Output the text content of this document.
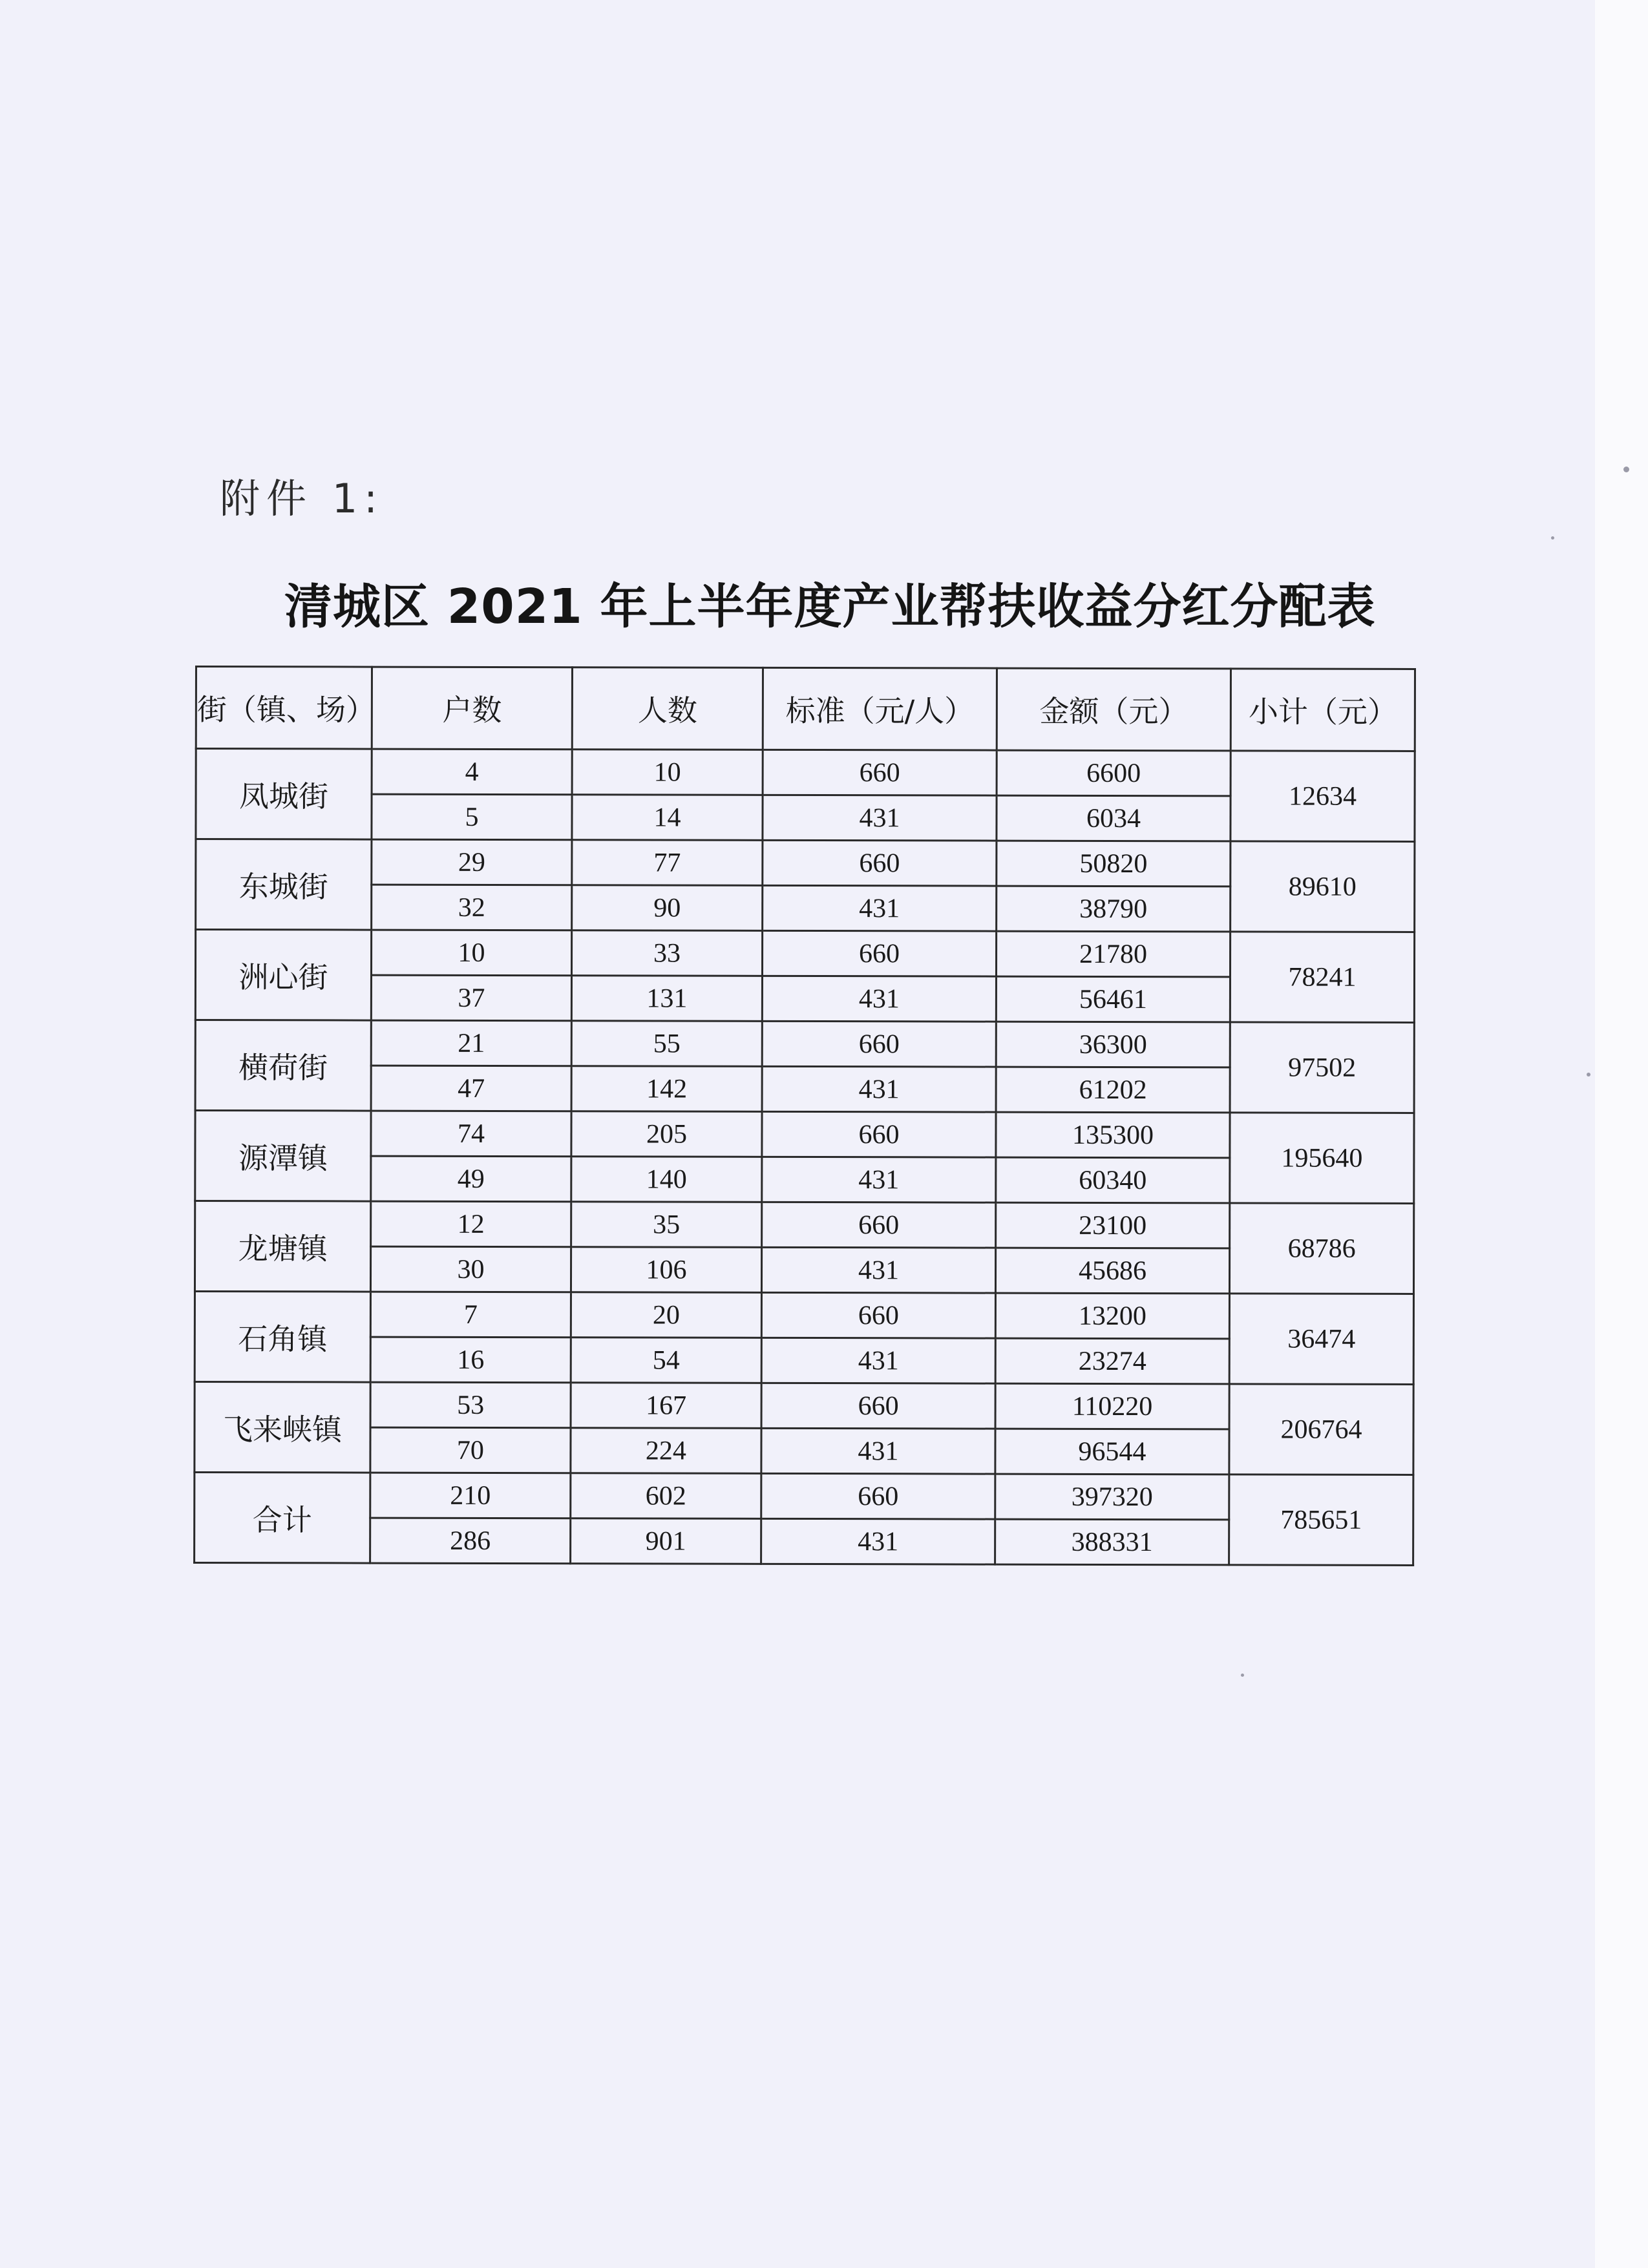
附件 1:
清城区 2021 年上半年度产业帮扶收益分红分配表
街（镇、场）	户数	人数	标准（元/人）	金额（元）	小计（元）
凤城街	4	10	660	6600	12634
	5	14	431	6034	
东城街	29	77	660	50820	89610
	32	90	431	38790	
洲心街	10	33	660	21780	78241
	37	131	431	56461	
横荷街	21	55	660	36300	97502
	47	142	431	61202	
源潭镇	74	205	660	135300	195640
	49	140	431	60340	
龙塘镇	12	35	660	23100	68786
	30	106	431	45686	
石角镇	7	20	660	13200	36474
	16	54	431	23274	
飞来峡镇	53	167	660	110220	206764
	70	224	431	96544	
合计	210	602	660	397320	785651
	286	901	431	388331	
